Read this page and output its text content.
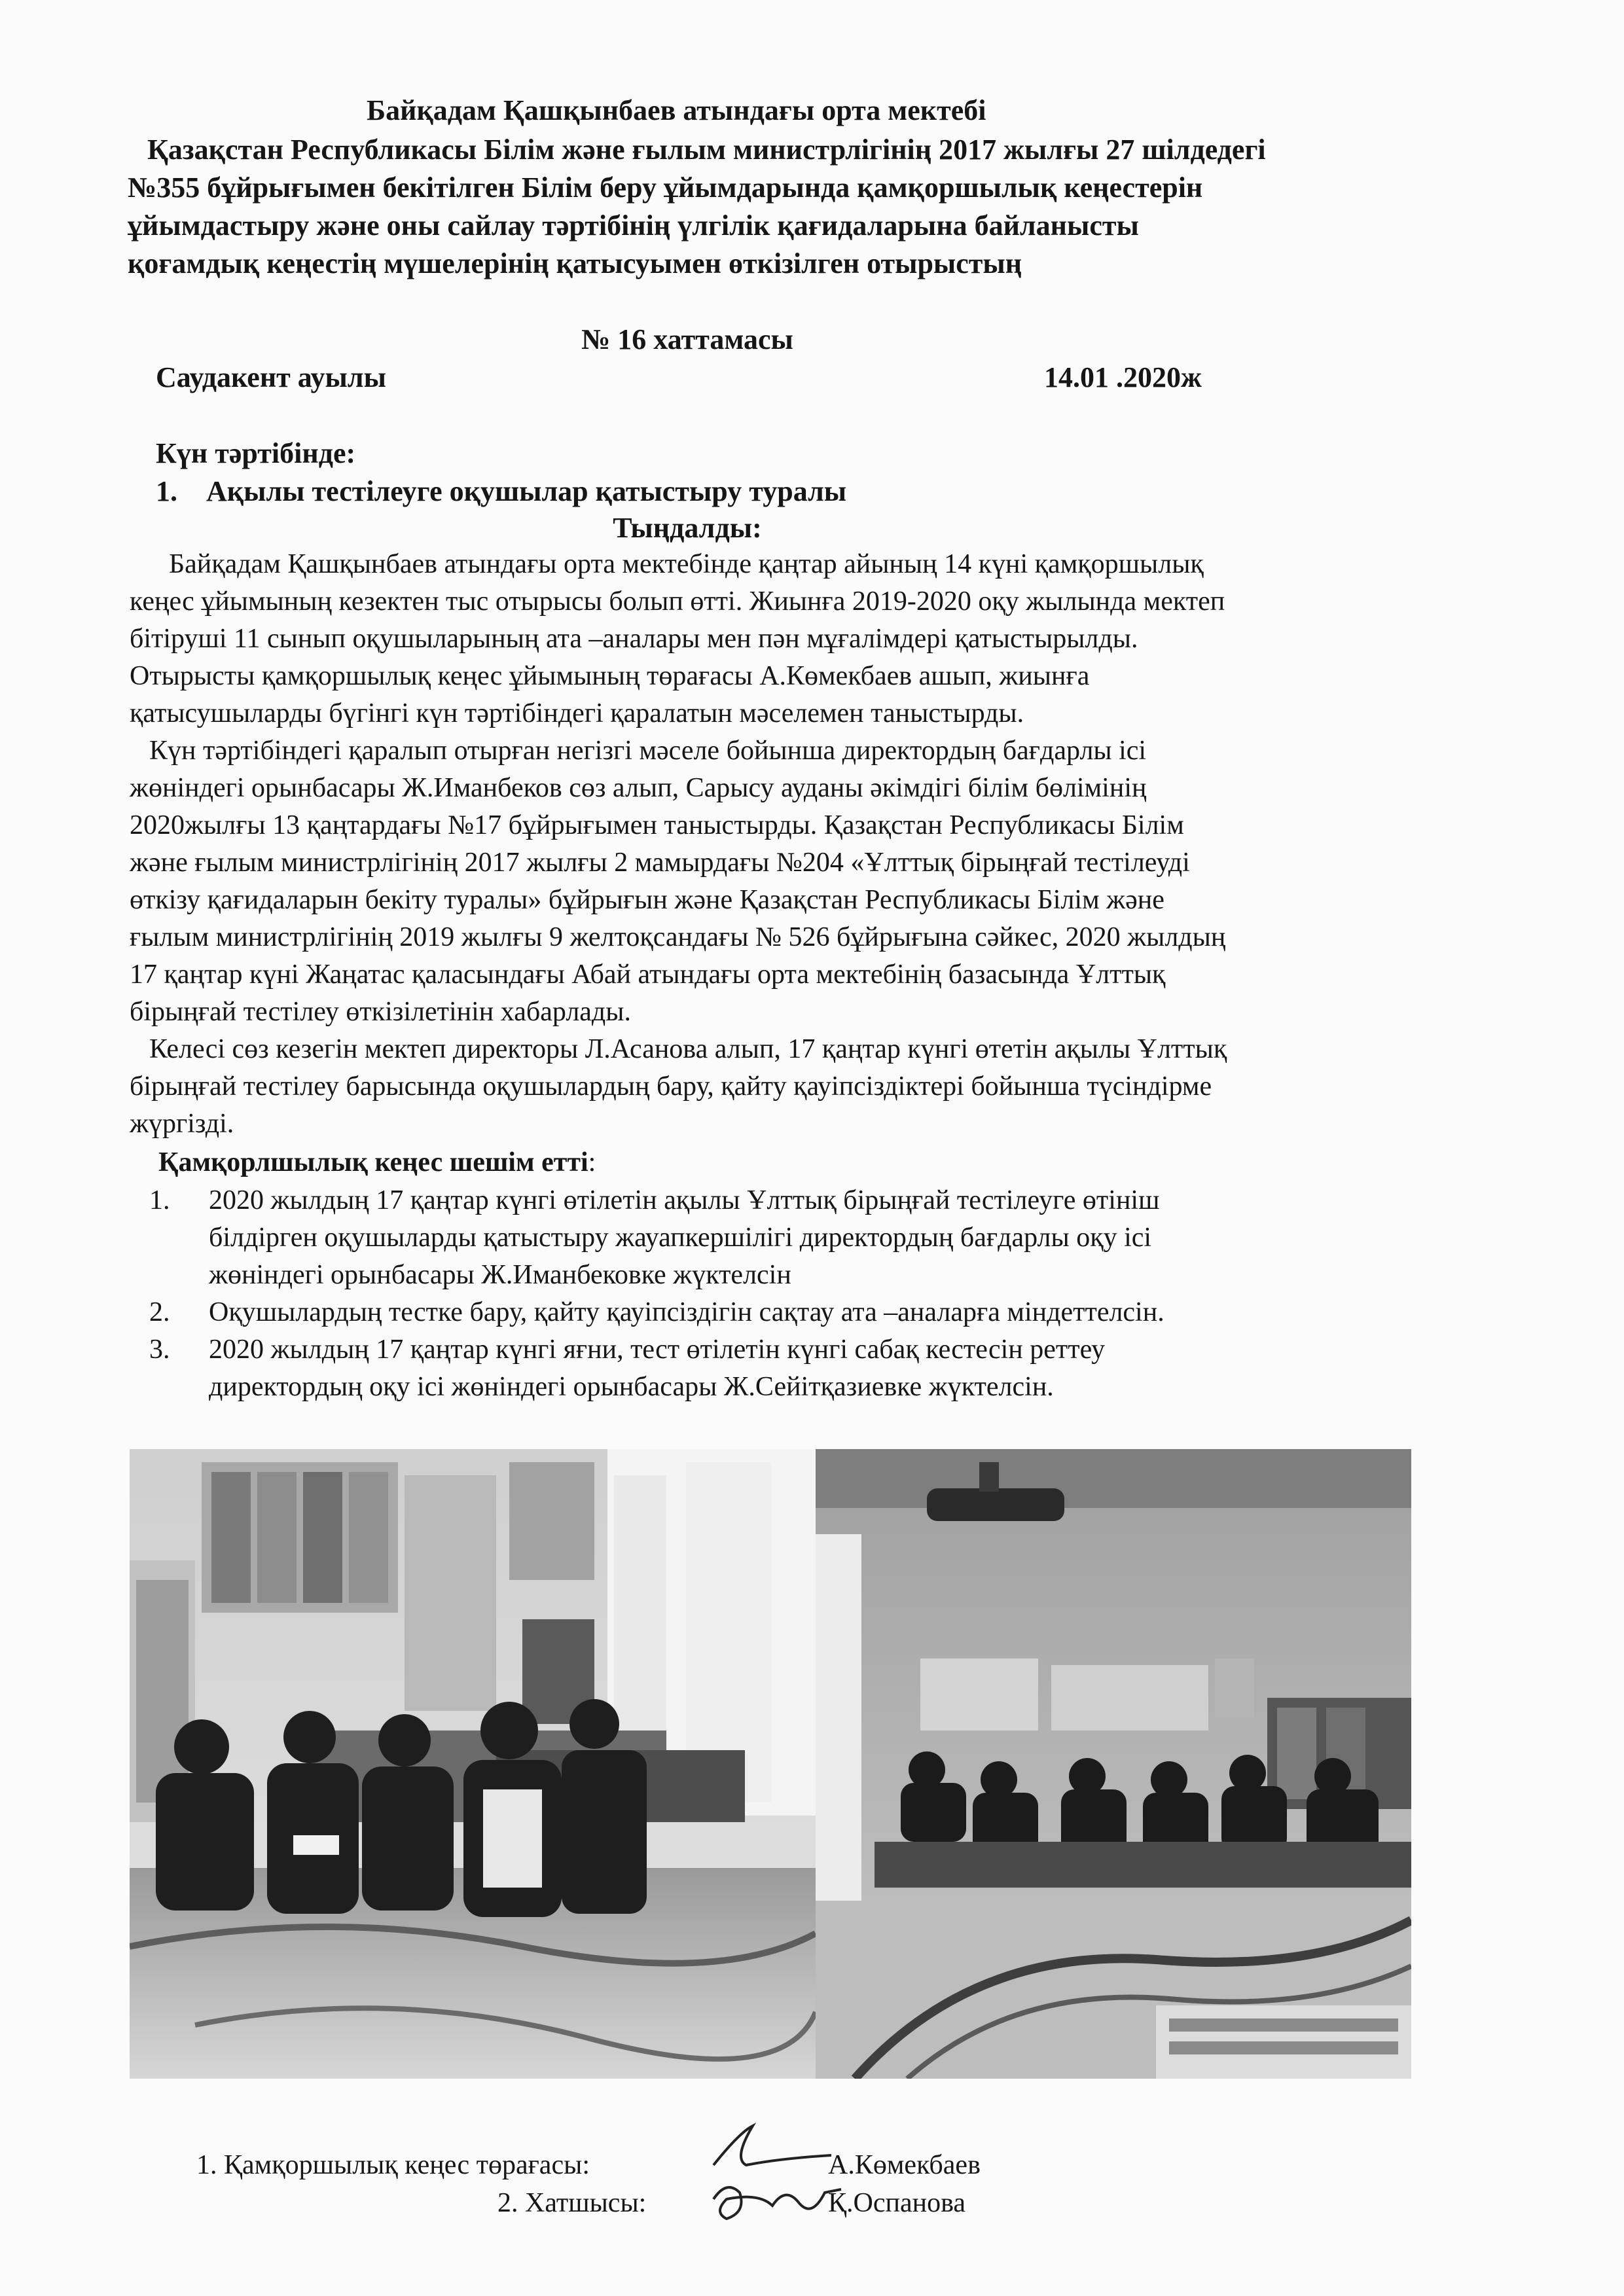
Байқадам Қашқынбаев атындағы орта мектебі
Қазақстан Республикасы Білім және ғылым министрлігінің 2017 жылғы 27 шілдедегі
№355 бұйрығымен бекітілген Білім беру ұйымдарында қамқоршылық кеңестерін
ұйымдастыру және оны сайлау тәртібінің үлгілік қағидаларына байланысты
қоғамдық кеңестің мүшелерінің қатысуымен өткізілген отырыстың
№ 16 хаттамасы
Саудакент ауылы	14.01 .2020ж
Күн тәртібінде:
1. Ақылы тестілеуге оқушылар қатыстыру туралы
Тыңдалды:
Байқадам Қашқынбаев атындағы орта мектебінде қаңтар айының 14 күні қамқоршылық
кеңес ұйымының кезектен тыс отырысы болып өтті. Жиынға 2019-2020 оқу жылында мектеп
бітіруші 11 сынып оқушыларының ата –аналары мен пән мұғалімдері қатыстырылды.
Отырысты қамқоршылық кеңес ұйымының төрағасы А.Көмекбаев ашып, жиынға
қатысушыларды бүгінгі күн тәртібіндегі қаралатын мәселемен таныстырды.
Күн тәртібіндегі қаралып отырған негізгі мәселе бойынша директордың бағдарлы ісі
жөніндегі орынбасары Ж.Иманбеков сөз алып, Сарысу ауданы әкімдігі білім бөлімінің
2020жылғы 13 қаңтардағы №17 бұйрығымен таныстырды. Қазақстан Республикасы Білім
және ғылым министрлігінің 2017 жылғы 2 мамырдағы №204 «Ұлттық бірыңғай тестілеуді
өткізу қағидаларын бекіту туралы» бұйрығын және Қазақстан Республикасы Білім және
ғылым министрлігінің 2019 жылғы 9 желтоқсандағы № 526 бұйрығына сәйкес, 2020 жылдың
17 қаңтар күні Жаңатас қаласындағы Абай атындағы орта мектебінің базасында Ұлттық
бірыңғай тестілеу өткізілетінін хабарлады.
Келесі сөз кезегін мектеп директоры Л.Асанова алып, 17 қаңтар күнгі өтетін ақылы Ұлттық
бірыңғай тестілеу барысында оқушылардың бару, қайту қауіпсіздіктері бойынша түсіндірме
жүргізді.
Қамқорлшылық кеңес шешім етті:
1.	2020 жылдың 17 қаңтар күнгі өтілетін ақылы Ұлттық бірыңғай тестілеуге өтініш
білдірген оқушыларды қатыстыру жауапкершілігі директордың бағдарлы оқу ісі
жөніндегі орынбасары Ж.Иманбековке жүктелсін
2.	Оқушылардың тестке бару, қайту қауіпсіздігін сақтау ата –аналарға міндеттелсін.
3.	2020 жылдың 17 қаңтар күнгі яғни, тест өтілетін күнгі сабақ кестесін реттеу
директордың оқу ісі жөніндегі орынбасары Ж.Сейітқазиевке жүктелсін.
1. Қамқоршылық кеңес төрағасы:	А.Көмекбаев
2. Хатшысы:	Қ.Оспанова
